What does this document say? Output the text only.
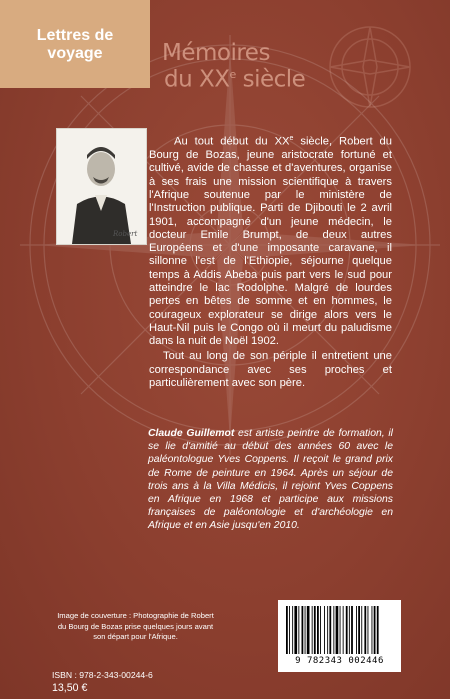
Lettres de
voyage	Mémoires
du XXe siècle
Robert

Au tout début du XXe siècle, Robert du Bourg de Bozas, jeune aristocrate fortuné et cultivé, avide de chasse et d'aventures, organise à ses frais une mission scientifique à travers l'Afrique soutenue par le ministère de l'Instruction publique. Parti de Djibouti le 2 avril 1901, accompagné d'un jeune médecin, le docteur Emile Brumpt, de deux autres Européens et d'une imposante caravane, il sillonne l'est de l'Ethiopie, séjourne quelque temps à Addis Abeba puis part vers le sud pour atteindre le lac Rodolphe. Malgré de lourdes pertes en bêtes de somme et en hommes, le courageux explorateur se dirige alors vers le Haut-Nil puis le Congo où il meurt du paludisme dans la nuit de Noël 1902.

Tout au long de son périple il entretient une correspondance avec ses proches et particulièrement avec son père.

Claude Guillemot est artiste peintre de formation, il se lie d'amitié au début des années 60 avec le paléontologue Yves Coppens. Il reçoit le grand prix de Rome de peinture en 1964. Après un séjour de trois ans à la Villa Médicis, il rejoint Yves Coppens en Afrique en 1968 et participe aux missions françaises de paléontologie et d'archéologie en Afrique et en Asie jusqu'en 2010.
Image de couverture : Photographie de Robert du Bourg de Bozas prise quelques jours avant son départ pour l'Afrique.
ISBN : 978-2-343-00244-6
13,50 €
9 782343 002446
